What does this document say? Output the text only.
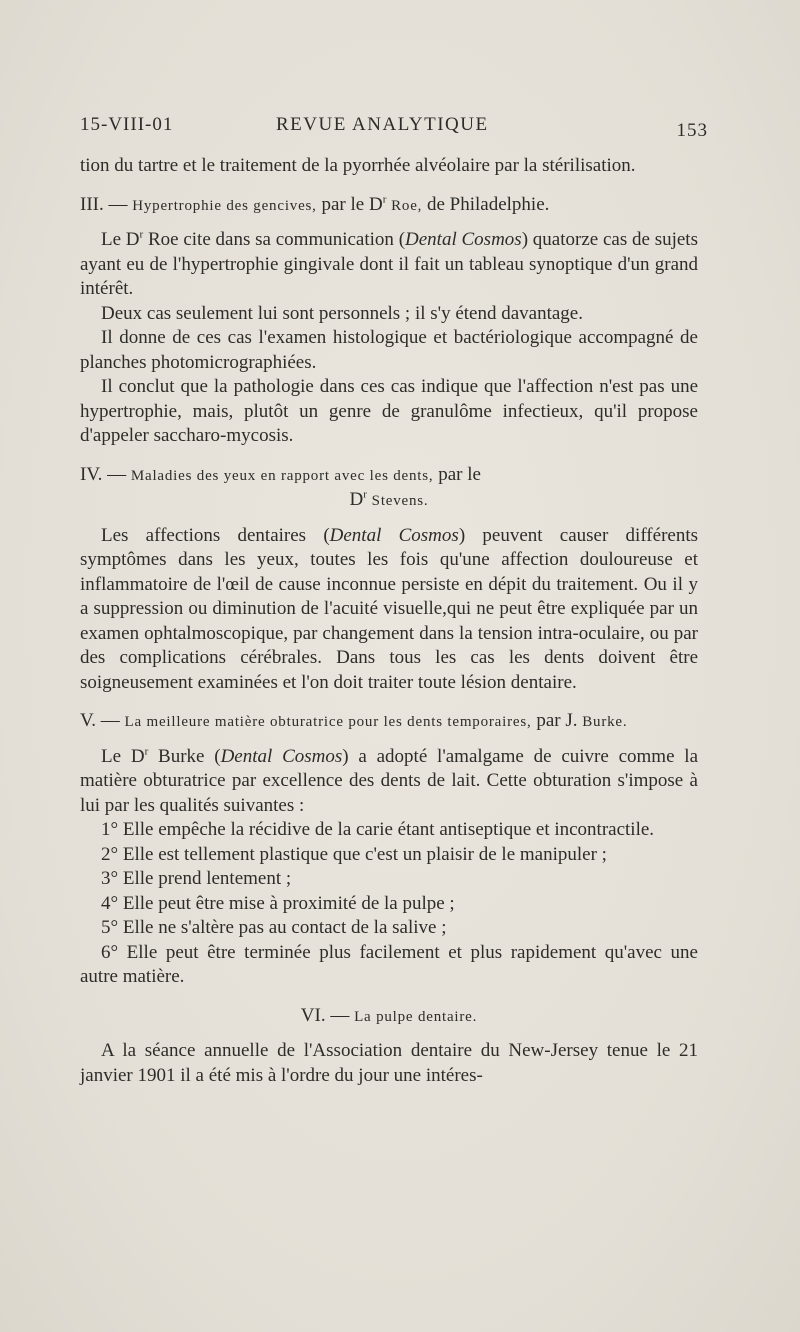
15-VIII-01	REVUE ANALYTIQUE	153

tion du tartre et le traitement de la pyorrhée alvéolaire par la stérilisation.

III. — Hypertrophie des gencives, par le $D^r$ Roe, de Philadelphie.

Le $D^r$ Roe cite dans sa communication (Dental Cosmos) quatorze cas de sujets ayant eu de l'hypertrophie gingivale dont il fait un tableau synoptique d'un grand intérêt.

Deux cas seulement lui sont personnels ; il s'y étend davantage.

Il donne de ces cas l'examen histologique et bactériologique accompagné de planches photomicrographiées.

Il conclut que la pathologie dans ces cas indique que l'affection n'est pas une hypertrophie, mais, plutôt un genre de granulôme infectieux, qu'il propose d'appeler saccharo-mycosis.

IV. — Maladies des yeux en rapport avec les dents, par le

$D^r$ Stevens.

Les affections dentaires (Dental Cosmos) peuvent causer différents symptômes dans les yeux, toutes les fois qu'une affection douloureuse et inflammatoire de l'œil de cause inconnue persiste en dépit du traitement. Ou il y a suppression ou diminution de l'acuité visuelle,qui ne peut être expliquée par un examen ophtalmoscopique, par changement dans la tension intra-oculaire, ou par des complications cérébrales. Dans tous les cas les dents doivent être soigneusement examinées et l'on doit traiter toute lésion dentaire.

V. — La meilleure matière obturatrice pour les dents temporaires, par J. Burke.

Le $D^r$ Burke (Dental Cosmos) a adopté l'amalgame de cuivre comme la matière obturatrice par excellence des dents de lait. Cette obturation s'impose à lui par les qualités suivantes :

1° Elle empêche la récidive de la carie étant antiseptique et incontractile.

2° Elle est tellement plastique que c'est un plaisir de le manipuler ;

3° Elle prend lentement ;

4° Elle peut être mise à proximité de la pulpe ;

5° Elle ne s'altère pas au contact de la salive ;

6° Elle peut être terminée plus facilement et plus rapidement qu'avec une autre matière.

VI. — La pulpe dentaire.

A la séance annuelle de l'Association dentaire du New-Jersey tenue le 21 janvier 1901 il a été mis à l'ordre du jour une intéres-
